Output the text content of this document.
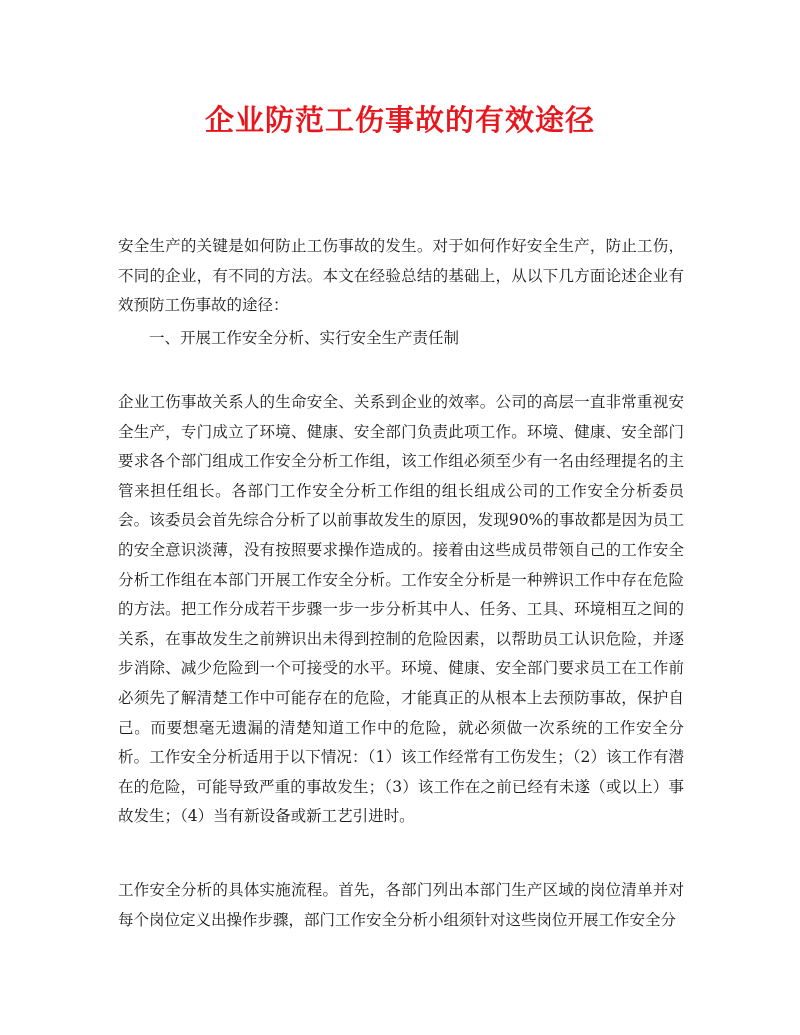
企业防范工伤事故的有效途径

安全生产的关键是如何防止工伤事故的发生。对于如何作好安全生产，防止工伤，不同的企业，有不同的方法。本文在经验总结的基础上，从以下几方面论述企业有效预防工伤事故的途径：

一、开展工作安全分析、实行安全生产责任制

企业工伤事故关系人的生命安全、关系到企业的效率。公司的高层一直非常重视安全生产，专门成立了环境、健康、安全部门负责此项工作。环境、健康、安全部门要求各个部门组成工作安全分析工作组，该工作组必须至少有一名由经理提名的主管来担任组长。各部门工作安全分析工作组的组长组成公司的工作安全分析委员会。该委员会首先综合分析了以前事故发生的原因，发现90%的事故都是因为员工的安全意识淡薄，没有按照要求操作造成的。接着由这些成员带领自己的工作安全分析工作组在本部门开展工作安全分析。工作安全分析是一种辨识工作中存在危险的方法。把工作分成若干步骤一步一步分析其中人、任务、工具、环境相互之间的关系，在事故发生之前辨识出未得到控制的危险因素，以帮助员工认识危险，并逐步消除、减少危险到一个可接受的水平。环境、健康、安全部门要求员工在工作前必须先了解清楚工作中可能存在的危险，才能真正的从根本上去预防事故，保护自己。而要想毫无遗漏的清楚知道工作中的危险，就必须做一次系统的工作安全分析。工作安全分析适用于以下情况：（1）该工作经常有工伤发生；（2）该工作有潜在的危险，可能导致严重的事故发生；（3）该工作在之前已经有未遂（或以上）事故发生；（4）当有新设备或新工艺引进时。

工作安全分析的具体实施流程。首先，各部门列出本部门生产区域的岗位清单并对每个岗位定义出操作步骤，部门工作安全分析小组须针对这些岗位开展工作安全分
